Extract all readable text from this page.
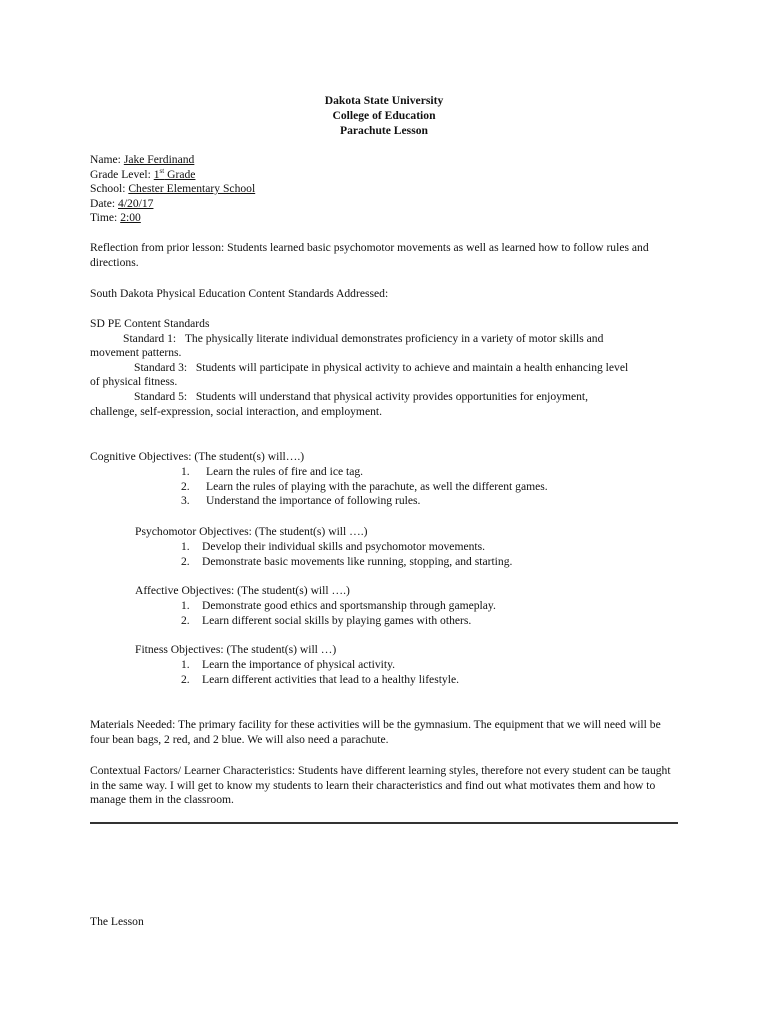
Dakota State University
College of Education
Parachute Lesson
Name: Jake Ferdinand
Grade Level: 1st Grade
School: Chester Elementary School
Date: 4/20/17
Time: 2:00
Reflection from prior lesson: Students learned basic psychomotor movements as well as learned how to follow rules and directions.
South Dakota Physical Education Content Standards Addressed:
SD PE Content Standards
Standard 1: The physically literate individual demonstrates proficiency in a variety of motor skills and
movement patterns.
Standard 3: Students will participate in physical activity to achieve and maintain a health enhancing level
of physical fitness.
Standard 5: Students will understand that physical activity provides opportunities for enjoyment,
challenge, self-expression, social interaction, and employment.
Cognitive Objectives: (The student(s) will….)
1. Learn the rules of fire and ice tag.
2. Learn the rules of playing with the parachute, as well the different games.
3. Understand the importance of following rules.
Psychomotor Objectives: (The student(s) will ….)
1. Develop their individual skills and psychomotor movements.
2. Demonstrate basic movements like running, stopping, and starting.
Affective Objectives: (The student(s) will ….)
1. Demonstrate good ethics and sportsmanship through gameplay.
2. Learn different social skills by playing games with others.
Fitness Objectives: (The student(s) will …)
1. Learn the importance of physical activity.
2. Learn different activities that lead to a healthy lifestyle.
Materials Needed: The primary facility for these activities will be the gymnasium. The equipment that we will need will be four bean bags, 2 red, and 2 blue. We will also need a parachute.
Contextual Factors/ Learner Characteristics: Students have different learning styles, therefore not every student can be taught in the same way. I will get to know my students to learn their characteristics and find out what motivates them and how to manage them in the classroom.
The Lesson
